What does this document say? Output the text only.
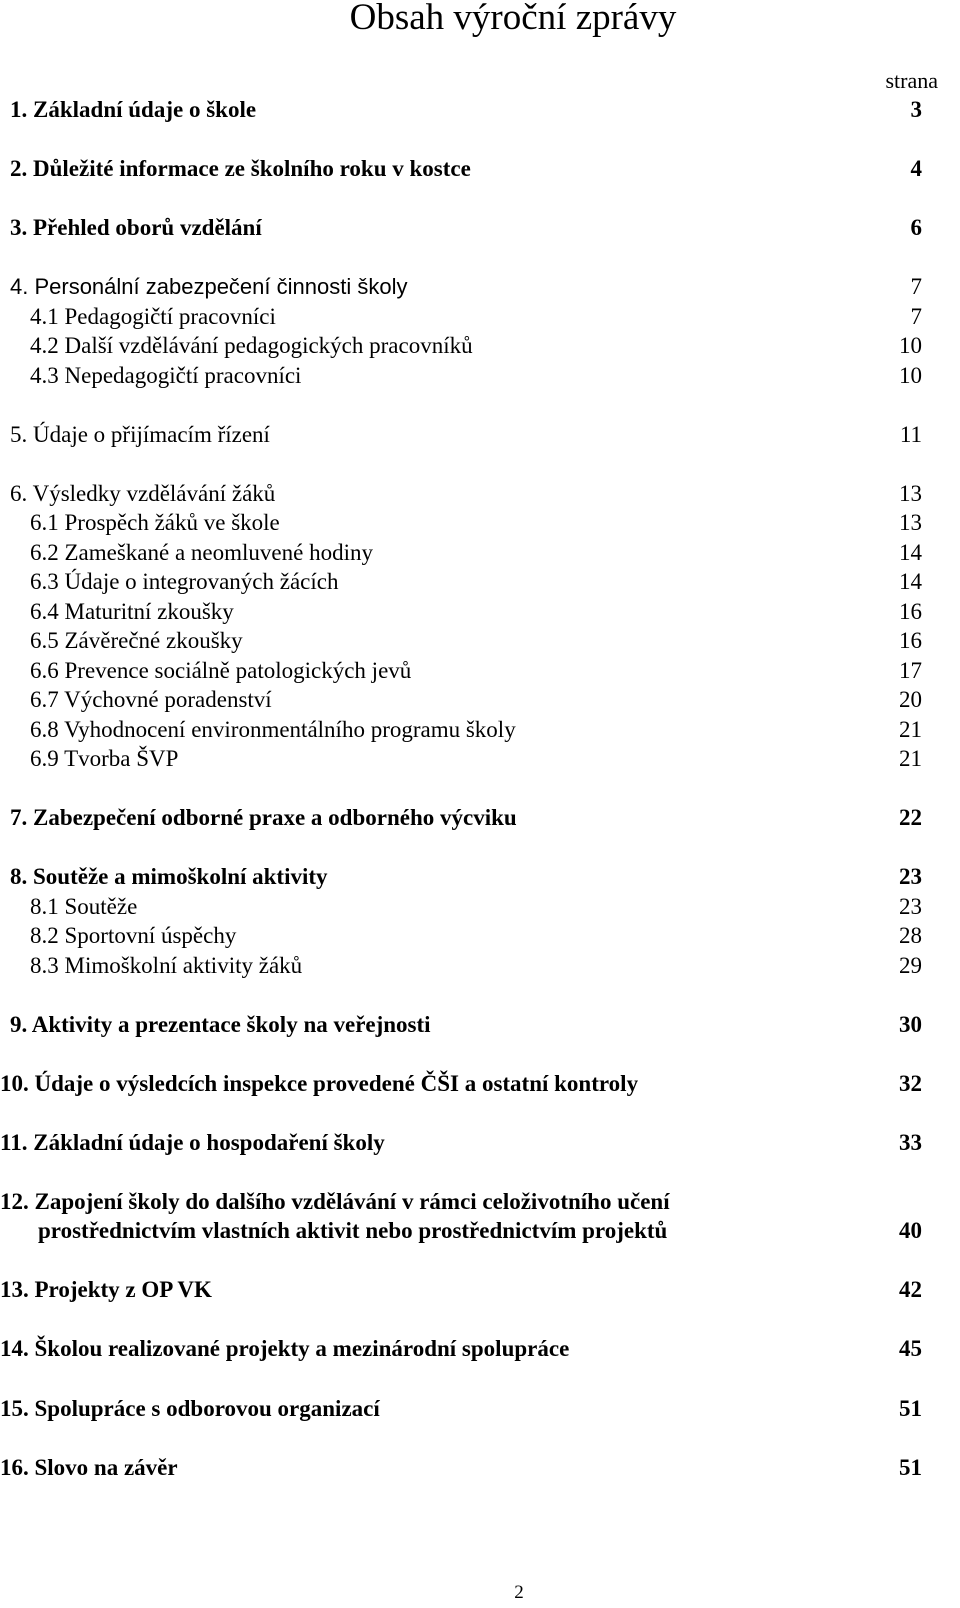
Obsah výroční zprávy
strana
1. Základní údaje o škole	3
2. Důležité informace ze školního roku v kostce	4
3. Přehled oborů vzdělání	6
4. Personální zabezpečení činnosti školy	7
4.1 Pedagogičtí pracovníci	7
4.2 Další vzdělávání pedagogických pracovníků	10
4.3 Nepedagogičtí pracovníci	10
5. Údaje o přijímacím řízení	11
6. Výsledky vzdělávání žáků	13
6.1 Prospěch žáků ve škole	13
6.2 Zameškané a neomluvené hodiny	14
6.3 Údaje o integrovaných žácích	14
6.4 Maturitní zkoušky	16
6.5 Závěrečné zkoušky	16
6.6 Prevence sociálně patologických jevů	17
6.7 Výchovné poradenství	20
6.8 Vyhodnocení environmentálního programu školy	21
6.9 Tvorba ŠVP	21
7. Zabezpečení odborné praxe a odborného výcviku	22
8. Soutěže a mimoškolní aktivity	23
8.1 Soutěže	23
8.2 Sportovní úspěchy	28
8.3 Mimoškolní aktivity žáků	29
9. Aktivity a prezentace školy na veřejnosti	30
10. Údaje o výsledcích inspekce provedené ČŠI a ostatní kontroly	32
11. Základní údaje o hospodaření školy	33
12. Zapojení školy do dalšího vzdělávání v rámci celoživotního učení
prostřednictvím vlastních aktivit nebo prostřednictvím projektů	40
13. Projekty z OP VK	42
14. Školou realizované projekty a mezinárodní spolupráce	45
15. Spolupráce s odborovou organizací	51
16. Slovo na závěr	51
2
